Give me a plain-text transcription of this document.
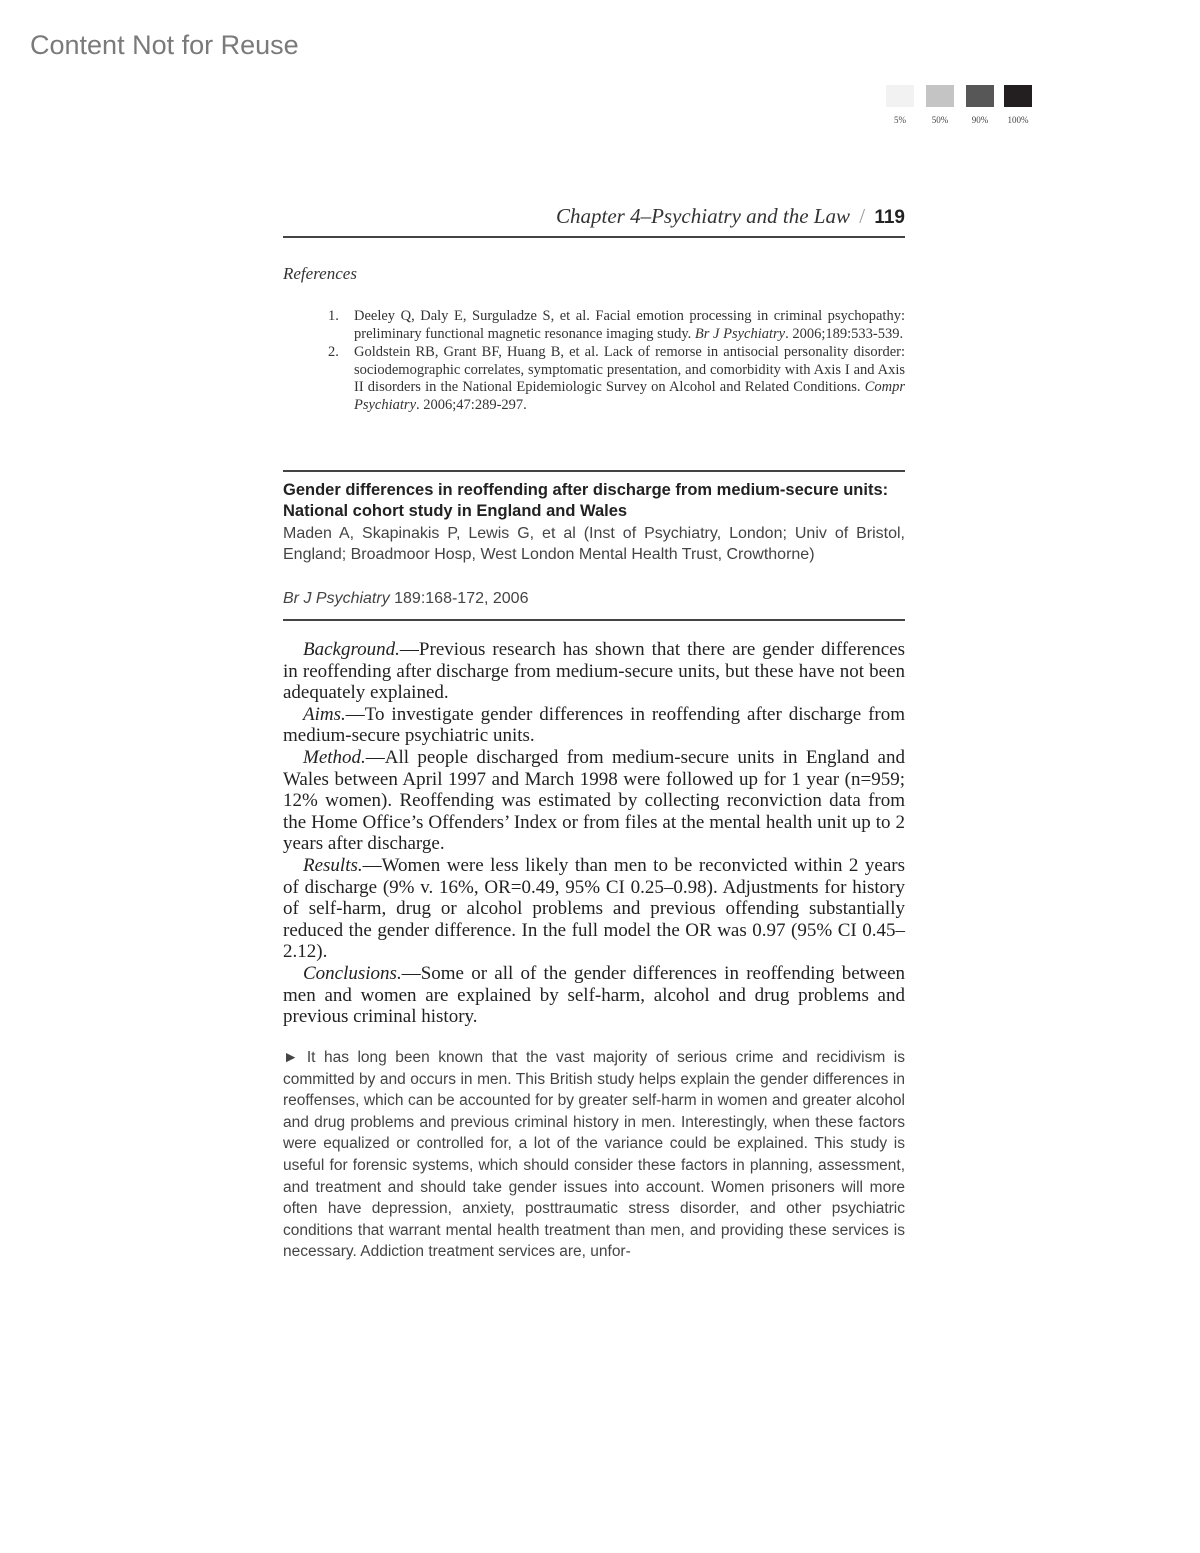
Content Not for Reuse
5%	50%	90%	100%
Chapter 4–Psychiatry and the Law / 119
References
1. Deeley Q, Daly E, Surguladze S, et al. Facial emotion processing in criminal psychopathy: preliminary functional magnetic resonance imaging study. Br J Psychiatry. 2006;189:533-539.
2. Goldstein RB, Grant BF, Huang B, et al. Lack of remorse in antisocial personality disorder: sociodemographic correlates, symptomatic presentation, and comorbidity with Axis I and Axis II disorders in the National Epidemiologic Survey on Alcohol and Related Conditions. Compr Psychiatry. 2006;47:289-297.
Gender differences in reoffending after discharge from medium-secure units: National cohort study in England and Wales
Maden A, Skapinakis P, Lewis G, et al (Inst of Psychiatry, London; Univ of Bristol, England; Broadmoor Hosp, West London Mental Health Trust, Crowthorne)
Br J Psychiatry 189:168-172, 2006

Background.—Previous research has shown that there are gender differences in reoffending after discharge from medium-secure units, but these have not been adequately explained.

Aims.—To investigate gender differences in reoffending after discharge from medium-secure psychiatric units.

Method.—All people discharged from medium-secure units in England and Wales between April 1997 and March 1998 were followed up for 1 year (n=959; 12% women). Reoffending was estimated by collecting reconviction data from the Home Office’s Offenders’ Index or from files at the mental health unit up to 2 years after discharge.

Results.—Women were less likely than men to be reconvicted within 2 years of discharge (9% v. 16%, OR=0.49, 95% CI 0.25–0.98). Adjustments for history of self-harm, drug or alcohol problems and previous offending substantially reduced the gender difference. In the full model the OR was 0.97 (95% CI 0.45–2.12).

Conclusions.—Some or all of the gender differences in reoffending between men and women are explained by self-harm, alcohol and drug problems and previous criminal history.

► It has long been known that the vast majority of serious crime and recidivism is committed by and occurs in men. This British study helps explain the gender differences in reoffenses, which can be accounted for by greater self-harm in women and greater alcohol and drug problems and previous criminal history in men. Interestingly, when these factors were equalized or controlled for, a lot of the variance could be explained. This study is useful for forensic systems, which should consider these factors in planning, assessment, and treatment and should take gender issues into account. Women prisoners will more often have depression, anxiety, posttraumatic stress disorder, and other psychiatric conditions that warrant mental health treatment than men, and providing these services is necessary. Addiction treatment services are, unfor-
